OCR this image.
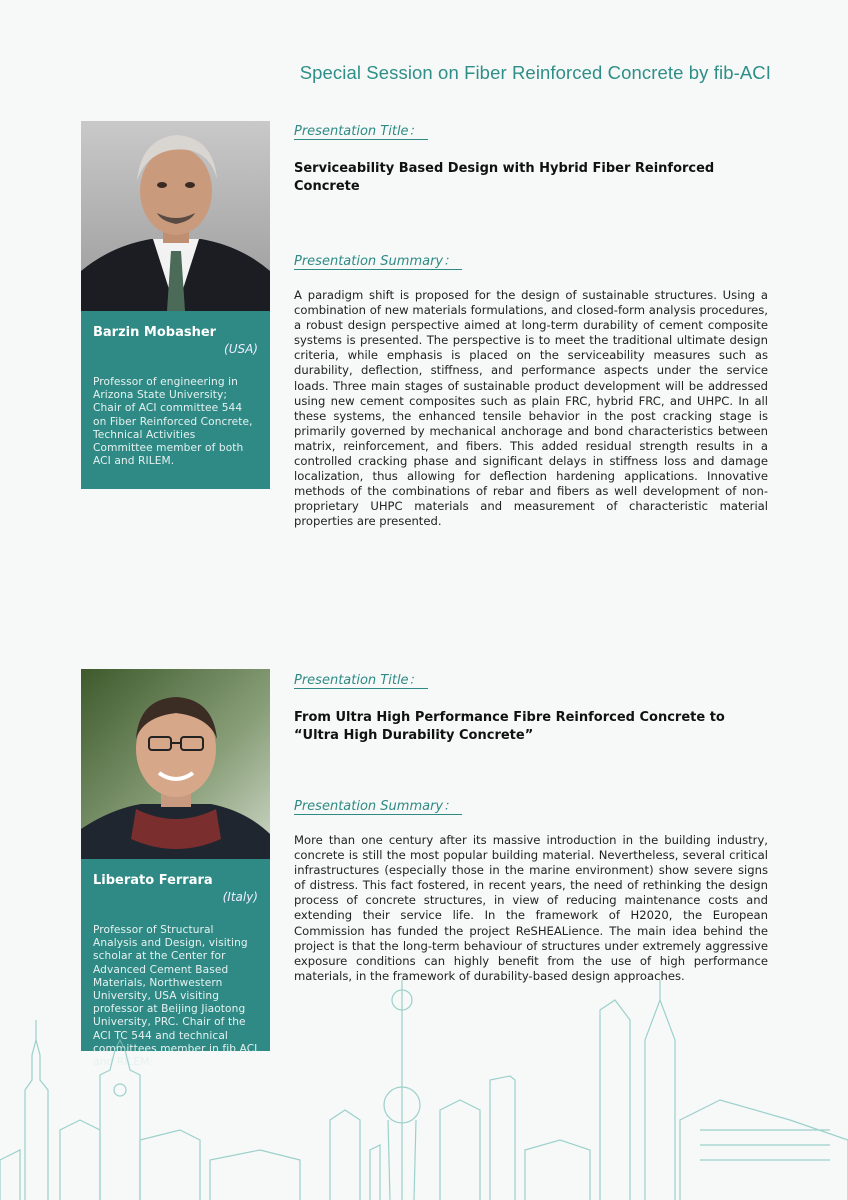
Special Session on Fiber Reinforced Concrete by fib-ACI
Barzin Mobasher
(USA)
Professor of engineering in Arizona State University; Chair of ACI committee 544 on Fiber Reinforced Concrete, Technical Activities Committee member of both ACI and RILEM.
Presentation Title：
Serviceability Based Design with Hybrid Fiber Reinforced Concrete
Presentation Summary：
A paradigm shift is proposed for the design of sustainable structures. Using a combination of new materials formulations, and closed-form analysis procedures, a robust design perspective aimed at long-term durability of cement composite systems is presented. The perspective is to meet the traditional ultimate design criteria, while emphasis is placed on the serviceability measures such as durability, deflection, stiffness, and performance aspects under the service loads. Three main stages of sustainable product development will be addressed using new cement composites such as plain FRC, hybrid FRC, and UHPC. In all these systems, the enhanced tensile behavior in the post cracking stage is primarily governed by mechanical anchorage and bond characteristics between matrix, reinforcement, and fibers. This added residual strength results in a controlled cracking phase and significant delays in stiffness loss and damage localization, thus allowing for deflection hardening applications. Innovative methods of the combinations of rebar and fibers as well development of non-proprietary UHPC materials and measurement of characteristic material properties are presented.
Liberato Ferrara
(Italy)
Professor of Structural Analysis and Design, visiting scholar at the Center for Advanced Cement Based Materials, Northwestern University, USA visiting professor at Beijing Jiaotong University, PRC. Chair of the ACI TC 544 and technical committees member in fib ACI and RILEM.
Presentation Title：
From Ultra High Performance Fibre Reinforced Concrete to “Ultra High Durability Concrete”
Presentation Summary：
More than one century after its massive introduction in the building industry, concrete is still the most popular building material. Nevertheless, several critical infrastructures (especially those in the marine environment) show severe signs of distress. This fact fostered, in recent years, the need of rethinking the design process of concrete structures, in view of reducing maintenance costs and extending their service life. In the framework of H2020, the European Commission has funded the project ReSHEALience. The main idea behind the project is that the long-term behaviour of structures under extremely aggressive exposure conditions can highly benefit from the use of high performance materials, in the framework of durability-based design approaches.
